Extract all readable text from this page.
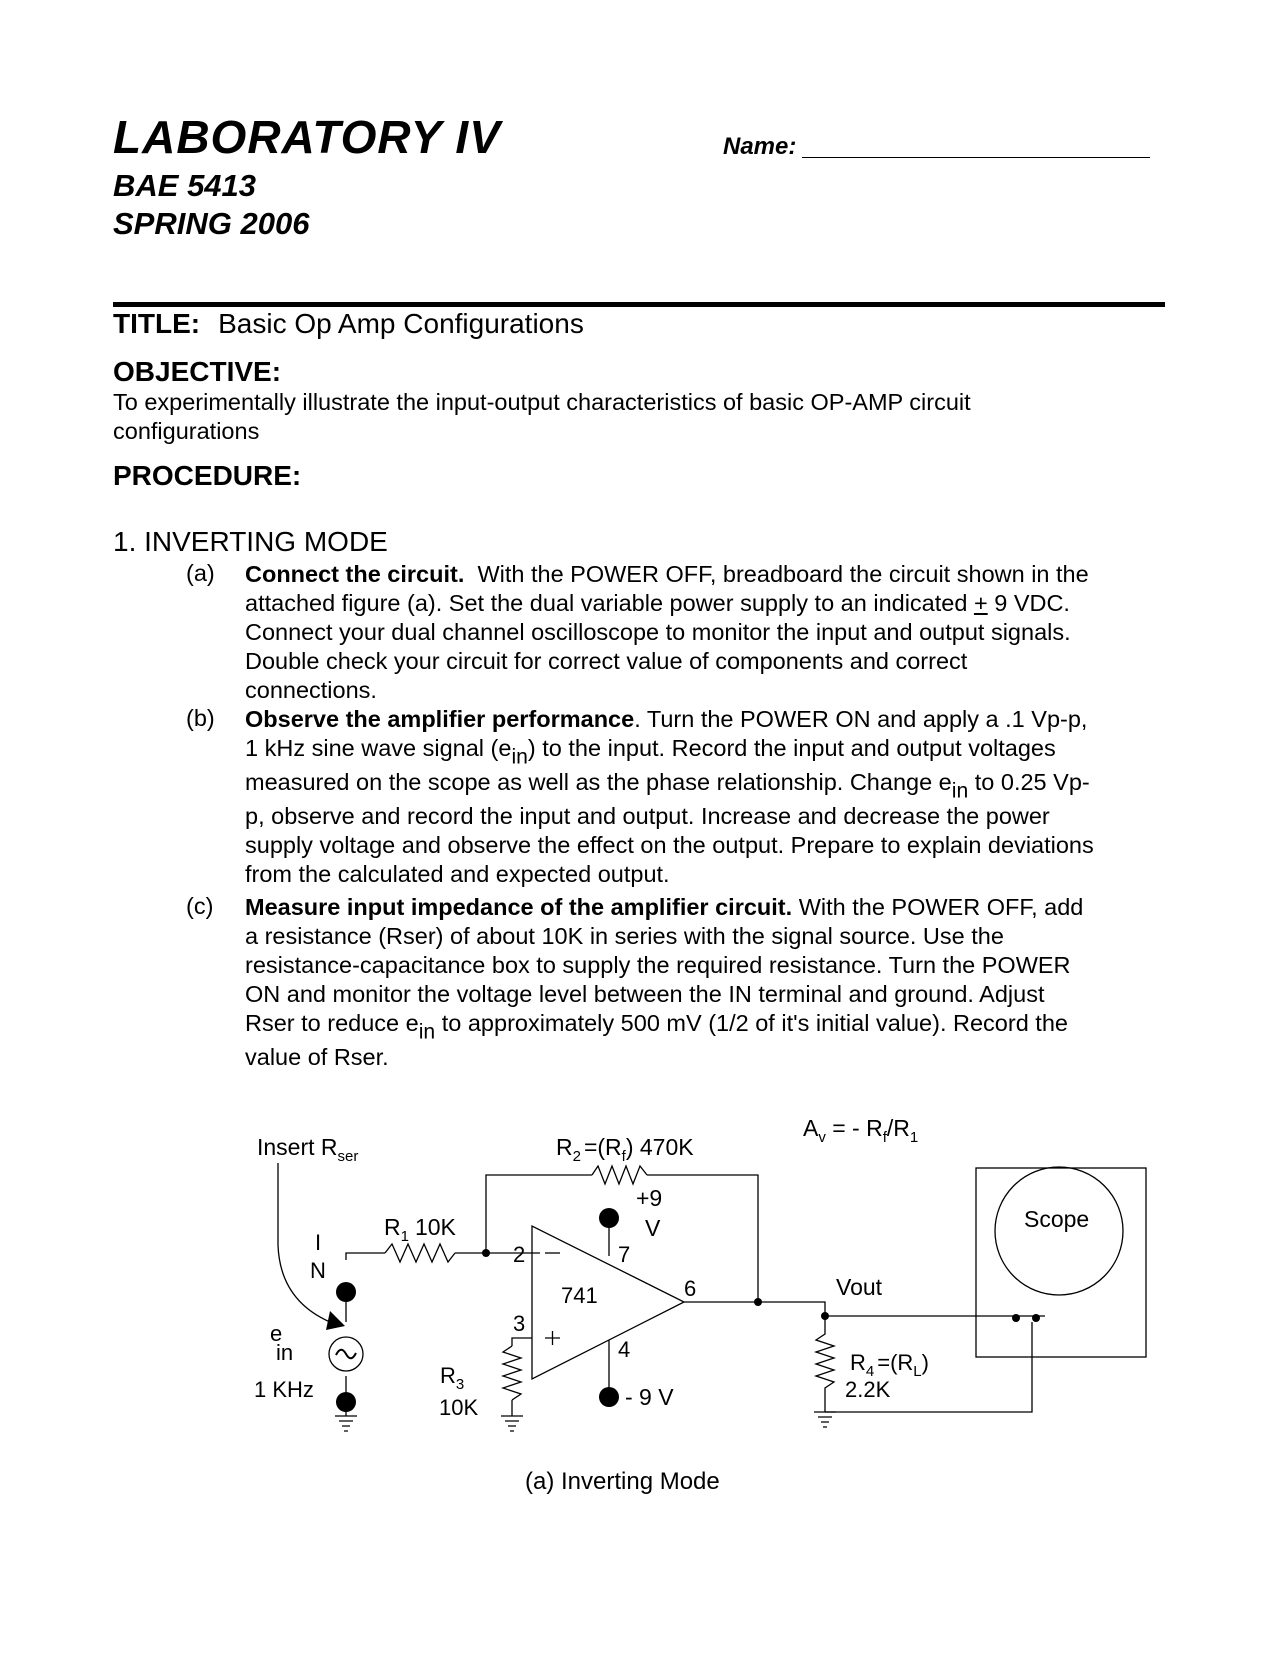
LABORATORY IV
BAE 5413
SPRING 2006
Name:
TITLE: Basic Op Amp Configurations
OBJECTIVE:
To experimentally illustrate the input-output characteristics of basic OP-AMP circuit
configurations
PROCEDURE:
1. INVERTING MODE
(a) Connect the circuit. With the POWER OFF, breadboard the circuit shown in the

attached figure (a). Set the dual variable power supply to an indicated + 9 VDC.

Connect your dual channel oscilloscope to monitor the input and output signals.

Double check your circuit for correct value of components and correct

connections.

(b) Observe the amplifier performance. Turn the POWER ON and apply a .1 Vp-p,

1 kHz sine wave signal $(e_{in})$ to the input. Record the input and output voltages

measured on the scope as well as the phase relationship. Change $e_{in}$ to 0.25 Vp-

p, observe and record the input and output. Increase and decrease the power

supply voltage and observe the effect on the output. Prepare to explain deviations

from the calculated and expected output.

(c) Measure input impedance of the amplifier circuit. With the POWER OFF, add

a resistance (Rser) of about 10K in series with the signal source. Use the

resistance-capacitance box to supply the required resistance. Turn the POWER

ON and monitor the voltage level between the IN terminal and ground. Adjust

Rser to reduce $e_{in}$ to approximately 500 mV (1/2 of it's initial value). Record the

value of Rser.

Insert $R_{ser}$
$R_1$ 10K
$R_2 =(R_f)$ 470K
$A_v$ = - $R_f/R_1$
+9
V
7
2
3
4
6
741
- 9 V
I
N
e
in
1 KHz
$R_3$
10K
Vout
$R_4 =(R_L)$
2.2K
Scope
(a) Inverting Mode
